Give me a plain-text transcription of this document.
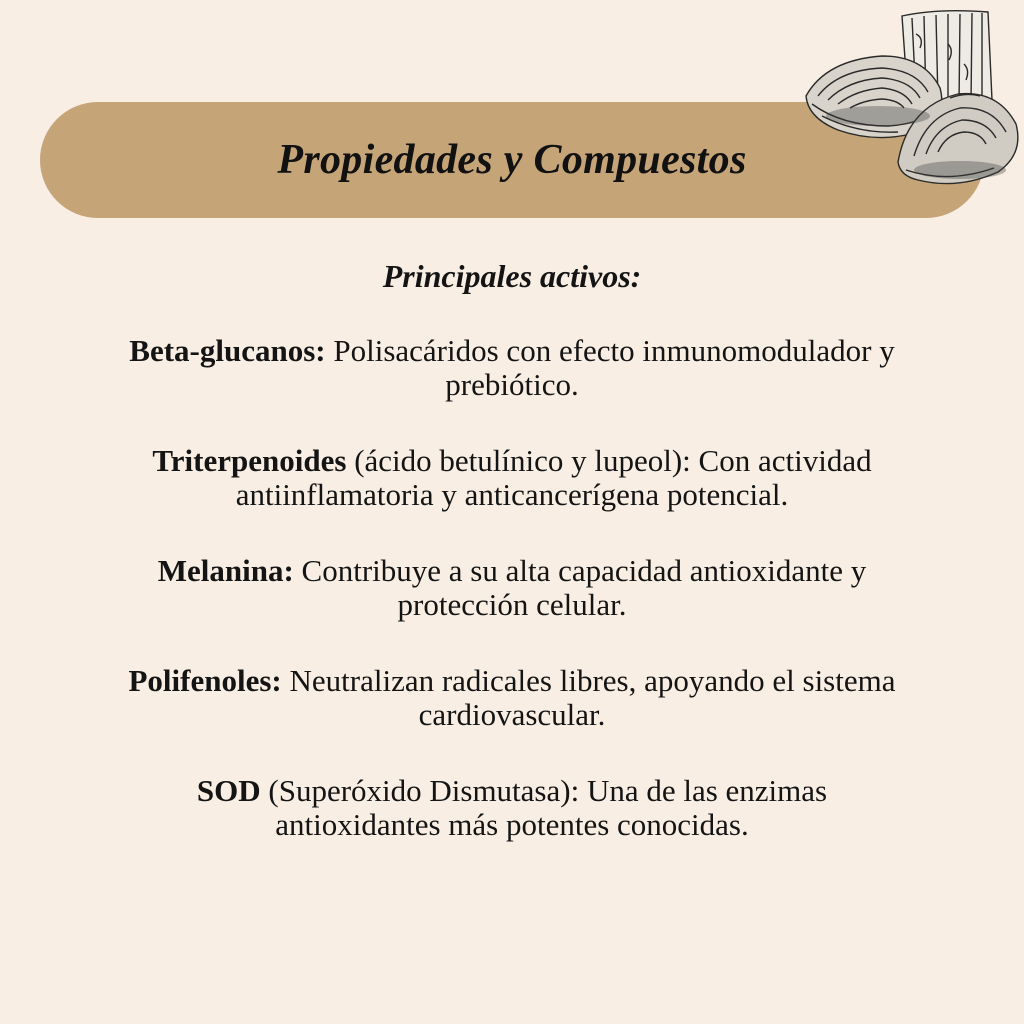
Propiedades y Compuestos
Principales activos:

Beta-glucanos: Polisacáridos con efecto inmunomodulador y prebiótico.

Triterpenoides (ácido betulínico y lupeol): Con actividad antiinflamatoria y anticancerígena potencial.

Melanina: Contribuye a su alta capacidad antioxidante y protección celular.

Polifenoles: Neutralizan radicales libres, apoyando el sistema cardiovascular.

SOD (Superóxido Dismutasa): Una de las enzimas antioxidantes más potentes conocidas.
